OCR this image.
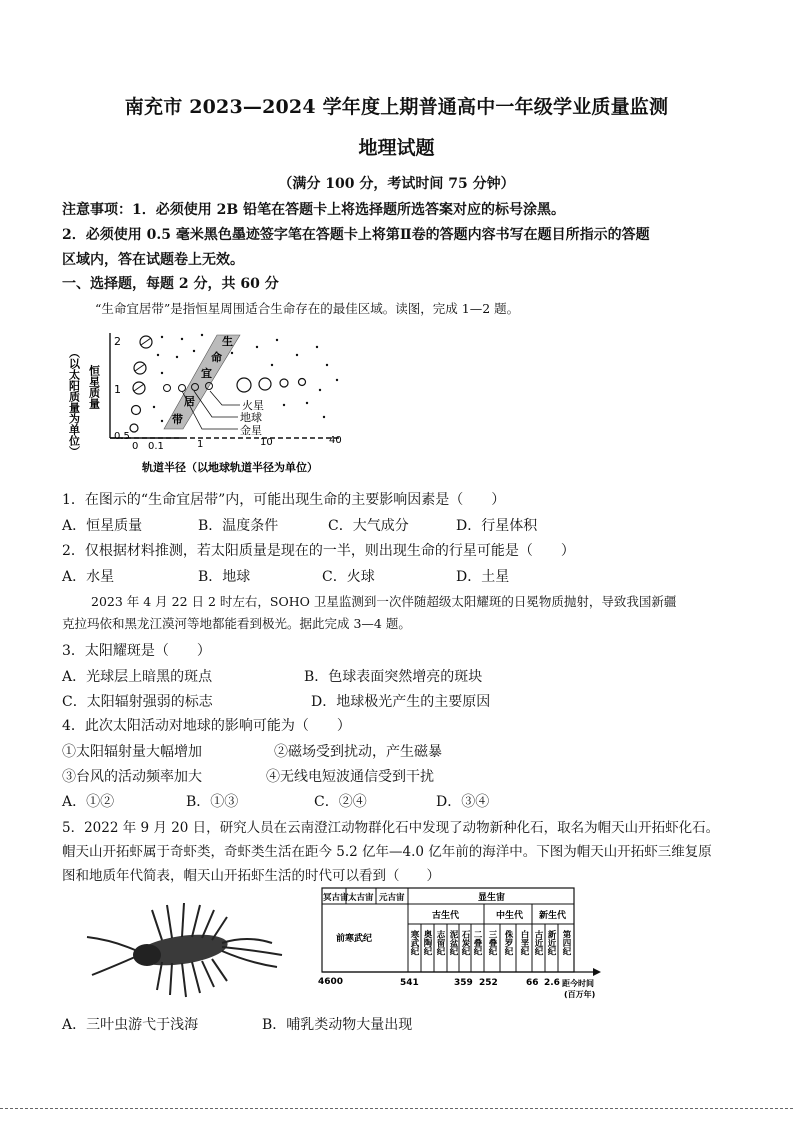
南充市 2023—2024 学年度上期普通高中一年级学业质量监测
地理试题
（满分 100 分，考试时间 75 分钟）
注意事项：1．必须使用 2B 铅笔在答题卡上将选择题所选答案对应的标号涂黑。
2．必须使用 0.5 毫米黑色墨迹签字笔在答题卡上将第Ⅱ卷的答题内容书写在题目所指示的答题
区域内，答在试题卷上无效。
一、选择题，每题 2 分，共 60 分
“生命宜居带”是指恒星周围适合生命存在的最佳区域。读图，完成 1—2 题。
（以太阳质量为单位） 恒星质量
2
1
0.5
0 0.1	1	10	40
生
命
宜
居
带
火星
地球
金星
轨道半径（以地球轨道半径为单位）
1．在图示的“生命宜居带”内，可能出现生命的主要影响因素是（　　）
A．恒星质量	B．温度条件	C．大气成分	D．行星体积
2．仅根据材料推测，若太阳质量是现在的一半，则出现生命的行星可能是（　　）
A．水星	B．地球	C．火球	D．土星
2023 年 4 月 22 日 2 时左右，SOHO 卫星监测到一次伴随超级太阳耀斑的日冕物质抛射，导致我国新疆
克拉玛依和黑龙江漠河等地都能看到极光。据此完成 3—4 题。
3．太阳耀斑是（　　）
A．光球层上暗黑的斑点	B．色球表面突然增亮的斑块
C．太阳辐射强弱的标志	D．地球极光产生的主要原因
4．此次太阳活动对地球的影响可能为（　　）
①太阳辐射量大幅增加	②磁场受到扰动，产生磁暴
③台风的活动频率加大	④无线电短波通信受到干扰
A．①②	B．①③	C．②④	D．③④
5．2022 年 9 月 20 日，研究人员在云南澄江动物群化石中发现了动物新种化石，取名为帽天山开拓虾化石。
帽天山开拓虾属于奇虾类，奇虾类生活在距今 5.2 亿年—4.0 亿年前的海洋中。下图为帽天山开拓虾三维复原
图和地质年代简表，帽天山开拓虾生活的时代可以看到（　　）
冥古宙 太古宙 元古宙	显生宙
前寒武纪
古生代	中生代 新生代
寒武纪 奥陶纪 志留纪 泥盆纪 石炭纪 二叠纪 三叠纪 侏罗纪 白垩纪 古近纪 新近纪 第四纪
4600	541	359 252	66 2.6 距今时间
(百万年)
A．三叶虫游弋于浅海	B．哺乳类动物大量出现
